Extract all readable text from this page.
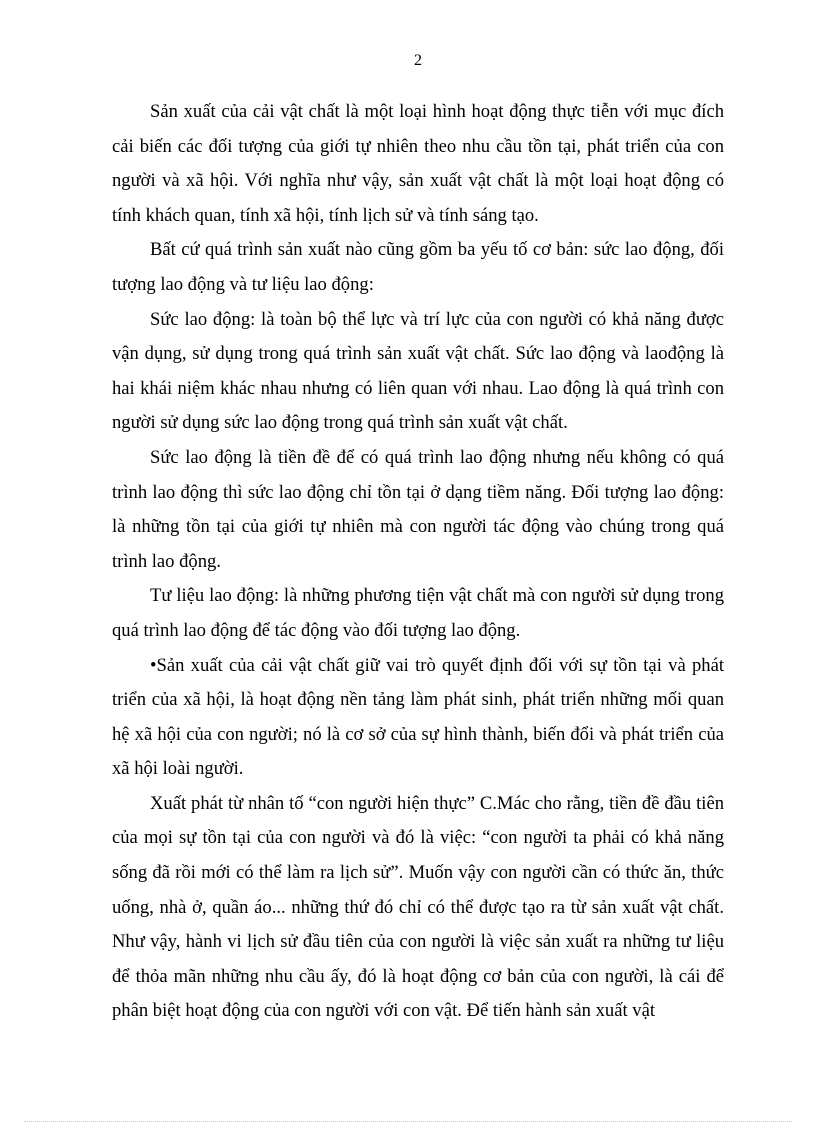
2

Sản xuất của cải vật chất là một loại hình hoạt động thực tiễn với mục đích cải biến các đối tượng của giới tự nhiên theo nhu cầu tồn tại, phát triển của con người và xã hội. Với nghĩa như vậy, sản xuất vật chất là một loại hoạt động có tính khách quan, tính xã hội, tính lịch sử và tính sáng tạo.

Bất cứ quá trình sản xuất nào cũng gồm ba yếu tố cơ bản: sức lao động, đối tượng lao động và tư liệu lao động:

Sức lao động: là toàn bộ thể lực và trí lực của con người có khả năng được vận dụng, sử dụng trong quá trình sản xuất vật chất. Sức lao động và laođộng là hai khái niệm khác nhau nhưng có liên quan với nhau. Lao động là quá trình con người sử dụng sức lao động trong quá trình sản xuất vật chất.

Sức lao động là tiền đề để có quá trình lao động nhưng nếu không có quá trình lao động thì sức lao động chỉ tồn tại ở dạng tiềm năng. Đối tượng lao động: là những tồn tại của giới tự nhiên mà con người tác động vào chúng trong quá trình lao động.

Tư liệu lao động: là những phương tiện vật chất mà con người sử dụng trong quá trình lao động để tác động vào đối tượng lao động.

•Sản xuất của cải vật chất giữ vai trò quyết định đối với sự tồn tại và phát triển của xã hội, là hoạt động nền tảng làm phát sinh, phát triển những mối quan hệ xã hội của con người; nó là cơ sở của sự hình thành, biến đổi và phát triển của xã hội loài người.

Xuất phát từ nhân tố “con người hiện thực” C.Mác cho rằng, tiền đề đầu tiên của mọi sự tồn tại của con người và đó là việc: “con người ta phải có khả năng sống đã rồi mới có thể làm ra lịch sử”. Muốn vậy con người cần có thức ăn, thức uống, nhà ở, quần áo... những thứ đó chỉ có thể được tạo ra từ sản xuất vật chất. Như vậy, hành vi lịch sử đầu tiên của con người là việc sản xuất ra những tư liệu để thỏa mãn những nhu cầu ấy, đó là hoạt động cơ bản của con người, là cái để phân biệt hoạt động của con người với con vật. Để tiến hành sản xuất vật
